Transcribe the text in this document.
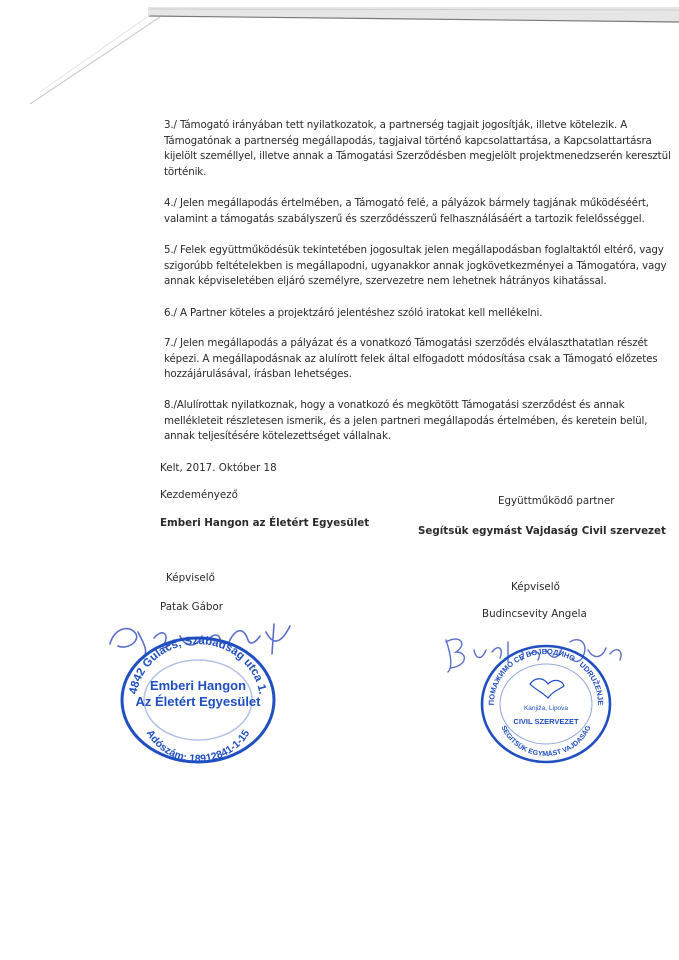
3./ Támogató irányában tett nyilatkozatok, a partnerség tagjait jogosítják, illetve kötelezik. A
Támogatónak a partnerség megállapodás, tagjaival történő kapcsolattartása, a Kapcsolattartásra
kijelölt személlyel, illetve annak a Támogatási Szerződésben megjelölt projektmenedzserén keresztül
történik.
4./ Jelen megállapodás értelmében, a Támogató felé, a pályázok bármely tagjának működéséért,
valamint a támogatás szabályszerű és szerződésszerű felhasználásáért a tartozik felelősséggel.
5./ Felek együttműködésük tekintetében jogosultak jelen megállapodásban foglaltaktól eltérő, vagy
szigorúbb feltételekben is megállapodni, ugyanakkor annak jogkövetkezményei a Támogatóra, vagy
annak képviseletében eljáró személyre, szervezetre nem lehetnek hátrányos kihatással.
6./ A Partner köteles a projektzáró jelentéshez szóló iratokat kell mellékelni.
7./ Jelen megállapodás a pályázat és a vonatkozó Támogatási szerződés elválaszthatatlan részét
képezi. A megállapodásnak az alulírott felek által elfogadott módosítása csak a Támogató előzetes
hozzájárulásával, írásban lehetséges.
8./Alulírottak nyilatkoznak, hogy a vonatkozó és megkötött Támogatási szerződést és annak
mellékleteit részletesen ismerik, és a jelen partneri megállapodás értelmében, és keretein belül,
annak teljesítésére kötelezettséget vállalnak.
Kelt, 2017. Október 18
Kezdeményező
Emberi Hangon az Életért Egyesület
Képviselő
Patak Gábor
Együttműködő partner
Segítsük egymást Vajdaság Civil szervezet
Képviselő
Budincsevity Angela
4842 Gulács, Szabadság utca 1.
Adószám: 18912841-1-15
Emberi Hangon
Az Életért Egyesület	ПОМАЖИМО СЕ ВОЈВОДИНО · UDRUŽENJE
SEGITSÜK EGYMÁST VAJDASÁG
Kanjiža, Lipova
CIVIL SZERVEZET
